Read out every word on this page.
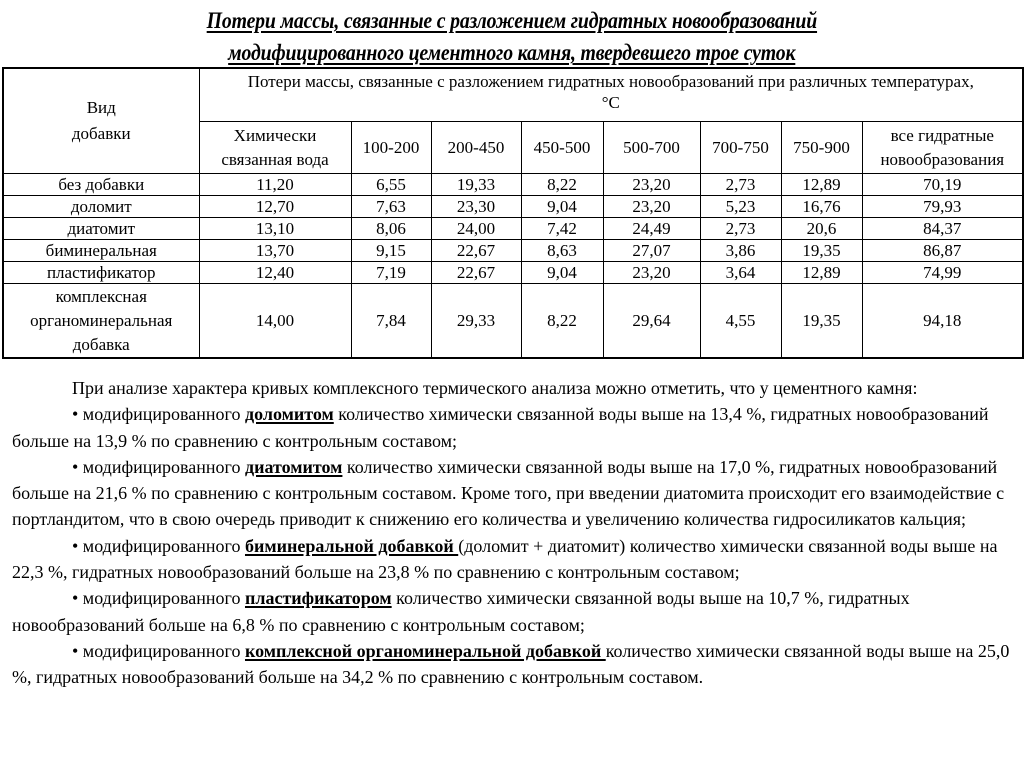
Потери массы, связанные с разложением гидратных новообразований
модифицированного цементного камня, твердевшего трое суток
Вид добавки	Потери массы, связанные с разложением гидратных новообразований при различных температурах, °С							
	Химически связанная вода	100-200	200-450	450-500	500-700	700-750	750-900	все гидратные новообразования
без добавки	11,20	6,55	19,33	8,22	23,20	2,73	12,89	70,19
доломит	12,70	7,63	23,30	9,04	23,20	5,23	16,76	79,93
диатомит	13,10	8,06	24,00	7,42	24,49	2,73	20,6	84,37
биминеральная	13,70	9,15	22,67	8,63	27,07	3,86	19,35	86,87
пластификатор	12,40	7,19	22,67	9,04	23,20	3,64	12,89	74,99
комплексная органоминеральная добавка	14,00	7,84	29,33	8,22	29,64	4,55	19,35	94,18

При анализе характера кривых комплексного термического анализа можно отметить, что у цементного камня:

• модифицированного доломитом количество химически связанной воды выше на 13,4 %, гидратных новообразований больше на 13,9 % по сравнению с контрольным составом;

• модифицированного диатомитом количество химически связанной воды выше на 17,0 %, гидратных новообразований больше на 21,6 % по сравнению с контрольным составом. Кроме того, при введении диатомита происходит его взаимодействие с портландитом, что в свою очередь приводит к снижению его количества и увеличению количества гидросиликатов кальция;

• модифицированного биминеральной добавкой (доломит + диатомит) количество химически связанной воды выше на 22,3 %, гидратных новообразований больше на 23,8 % по сравнению с контрольным составом;

• модифицированного пластификатором количество химически связанной воды выше на 10,7 %, гидратных новообразований больше на 6,8 % по сравнению с контрольным составом;

• модифицированного комплексной органоминеральной добавкой количество химически связанной воды выше на 25,0 %, гидратных новообразований больше на 34,2 % по сравнению с контрольным составом.
